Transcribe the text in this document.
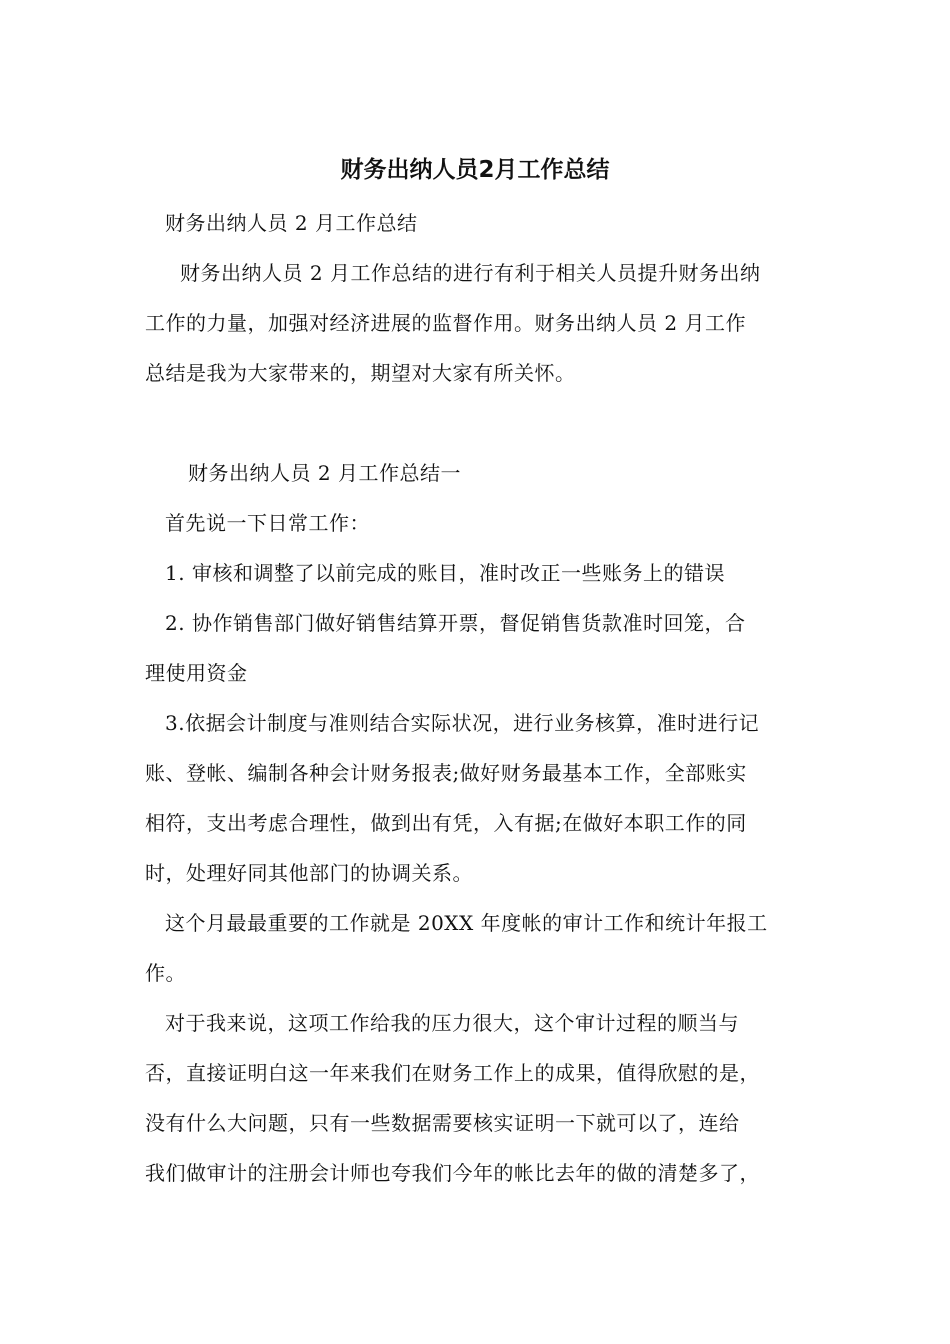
财务出纳人员2月工作总结
财务出纳人员 2 月工作总结
财务出纳人员 2 月工作总结的进行有利于相关人员提升财务出纳
工作的力量，加强对经济进展的监督作用。财务出纳人员 2 月工作
总结是我为大家带来的，期望对大家有所关怀。
财务出纳人员 2 月工作总结一
首先说一下日常工作：
1. 审核和调整了以前完成的账目，准时改正一些账务上的错误
2. 协作销售部门做好销售结算开票，督促销售货款准时回笼，合
理使用资金
3.依据会计制度与准则结合实际状况，进行业务核算，准时进行记
账、登帐、编制各种会计财务报表;做好财务最基本工作，全部账实
相符，支出考虑合理性，做到出有凭，入有据;在做好本职工作的同
时，处理好同其他部门的协调关系。
这个月最最重要的工作就是 20XX 年度帐的审计工作和统计年报工
作。
对于我来说，这项工作给我的压力很大，这个审计过程的顺当与
否，直接证明白这一年来我们在财务工作上的成果，值得欣慰的是，
没有什么大问题，只有一些数据需要核实证明一下就可以了，连给
我们做审计的注册会计师也夸我们今年的帐比去年的做的清楚多了，
